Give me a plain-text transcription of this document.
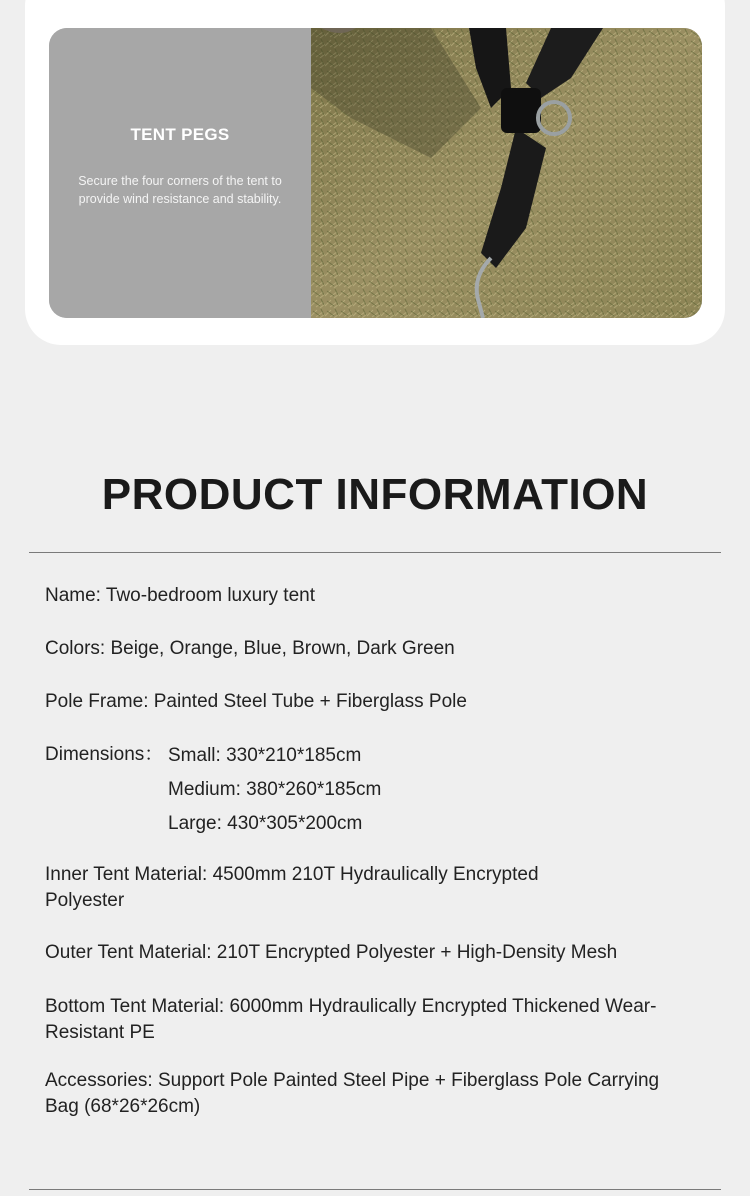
TENT PEGS
Secure the four corners of the tent to provide wind resistance and stability.
PRODUCT INFORMATION
Name: Two-bedroom luxury tent
Colors: Beige, Orange, Blue, Brown, Dark Green
Pole Frame: Painted Steel Tube + Fiberglass Pole
Dimensions： Small: 330*210*185cm
Medium: 380*260*185cm
Large: 430*305*200cm
Inner Tent Material: 4500mm 210T Hydraulically Encrypted Polyester
Outer Tent Material: 210T Encrypted Polyester + High-Density Mesh
Bottom Tent Material: 6000mm Hydraulically Encrypted Thickened Wear-Resistant PE
Accessories: Support Pole Painted Steel Pipe + Fiberglass Pole Carrying Bag (68*26*26cm)
